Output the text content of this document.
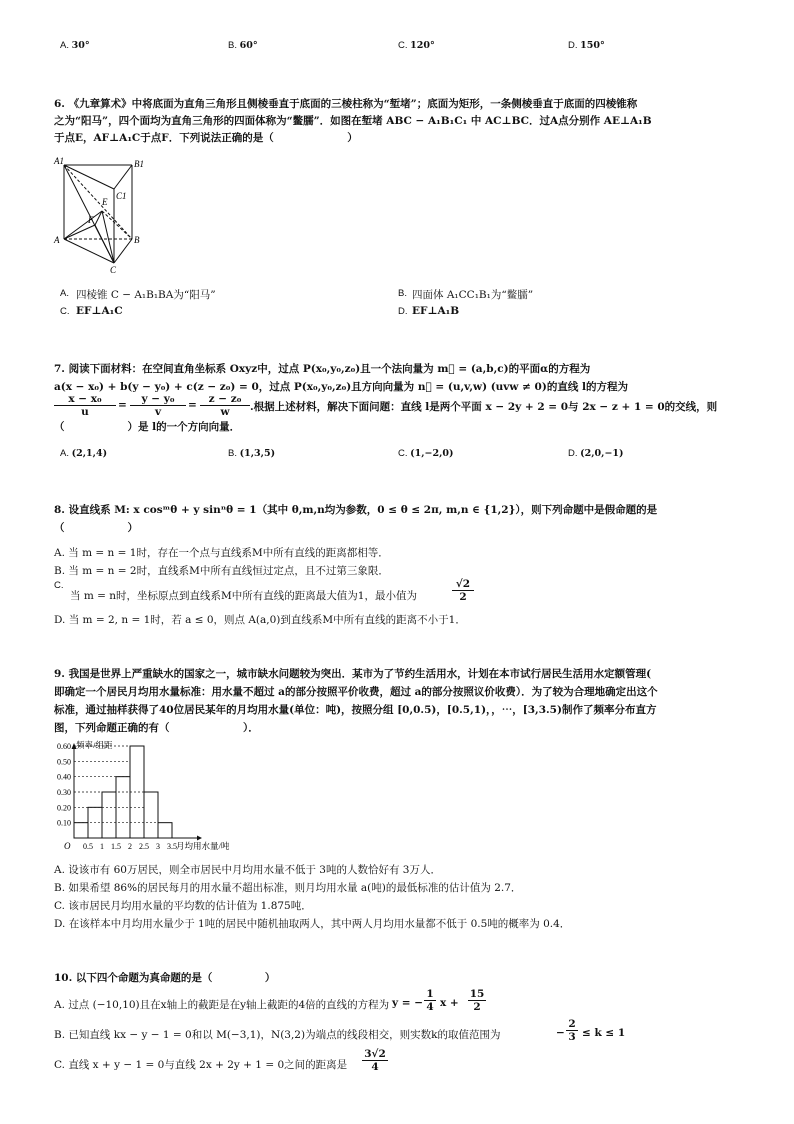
A. 30°	B. 60°	C. 120°	D. 150°
6. 《九章算术》中将底面为直角三角形且侧棱垂直于底面的三棱柱称为“堑堵”；底面为矩形，一条侧棱垂直于底面的四棱锥称
之为“阳马”，四个面均为直角三角形的四面体称为“鳖臑”．如图在堑堵 ABC − A₁B₁C₁ 中 AC⊥BC．过A点分别作 AE⊥A₁B
于点E，AF⊥A₁C于点F．下列说法正确的是（　　　　　　　）
A1	B1
C1
E
F
A	B
C
A. 四棱锥 C − A₁B₁BA为“阳马”	B. 四面体 A₁CC₁B₁为“鳖臑”
C. EF⊥A₁C	D. EF⊥A₁B
7. 阅读下面材料：在空间直角坐标系 Oxyz中，过点 P(x₀,y₀,z₀)且一个法向量为 m⃗ = (a,b,c)的平面α的方程为
a(x − x₀) + b(y − y₀) + c(z − z₀) = 0，过点 P(x₀,y₀,z₀)且方向向量为 n⃗ = (u,v,w) (uvw ≠ 0)的直线 l的方程为
$\frac{\text{x − x₀}}{u} = \frac{\text{y − y₀}}{v} = \frac{\text{z − z₀}}{w}$ .根据上述材料，解决下面问题：直线 l是两个平面 x − 2y + 2 = 0与 2x − z + 1 = 0的交线，则
（　　　　　　）是 l的一个方向向量．
A. (2,1,4)	B. (1,3,5)	C. (1,−2,0)	D. (2,0,−1)
8. 设直线系 M: x cosᵐθ + y sinⁿθ = 1（其中 θ,m,n均为参数，0 ≤ θ ≤ 2π, m,n ∈ {1,2}），则下列命题中是假命题的是
（　　　　　　）
A. 当 m = n = 1时，存在一个点与直线系M中所有直线的距离都相等．
B. 当 m = n = 2时，直线系M中所有直线恒过定点，且不过第三象限．
C.
当 m = n时，坐标原点到直线系M中所有直线的距离最大值为1，最小值为	$\frac{√2}{2}$
D. 当 m = 2, n = 1时，若 a ≤ 0，则点 A(a,0)到直线系M中所有直线的距离不小于1．
9. 我国是世界上严重缺水的国家之一，城市缺水问题较为突出．某市为了节约生活用水，计划在本市试行居民生活用水定额管理(
即确定一个居民月均用水量标准：用水量不超过 a的部分按照平价收费，超过 a的部分按照议价收费）．为了较为合理地确定出这个
标准，通过抽样获得了40位居民某年的月均用水量(单位：吨)，按照分组 [0,0.5)，[0.5,1)，，⋯，[3,3.5)制作了频率分布直方
图，下列命题正确的有（　　　　　　　）．
0.10
0.20
0.30
0.40
0.50
0.60
0.5 1 1.5 2 2.5 3 3.5
O
频率/组距
月均用水量/吨
A. 设该市有 60万居民，则全市居民中月均用水量不低于 3吨的人数恰好有 3万人．
B. 如果希望 86%的居民每月的用水量不超出标准，则月均用水量 a(吨)的最低标准的估计值为 2.7．
C. 该市居民月均用水量的平均数的估计值为 1.875吨．
D. 在该样本中月均用水量少于 1吨的居民中随机抽取两人，其中两人月均用水量都不低于 0.5吨的概率为 0.4．
10. 以下四个命题为真命题的是（　　　　　）
A. 过点 (−10,10)且在x轴上的截距是在y轴上截距的4倍的直线的方程为 y = − $\frac{1}{4}$ $x + \frac{15}{2}$
B. 已知直线 kx − y − 1 = 0和以 M(−3,1)，N(3,2)为端点的线段相交，则实数k的取值范围为	− $\frac{2}{3} \le k \le 1$
C. 直线 x + y − 1 = 0与直线 2x + 2y + 1 = 0之间的距离是 $\frac{3√2}{4}$
